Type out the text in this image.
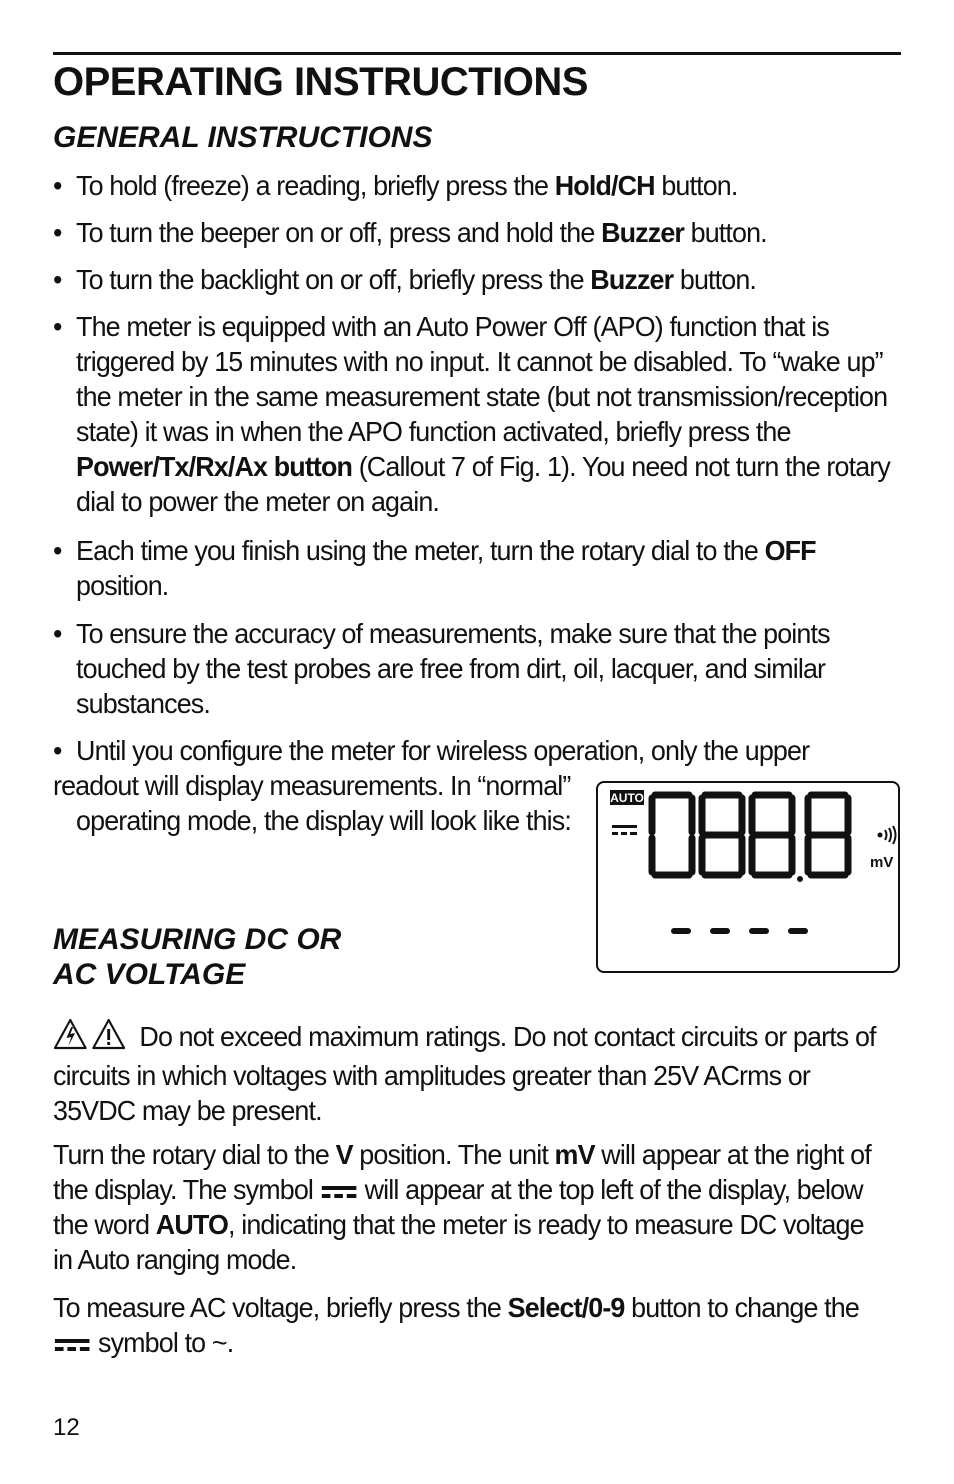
OPERATING INSTRUCTIONS
GENERAL INSTRUCTIONS

• To hold (freeze) a reading, briefly press the Hold/CH button.

• To turn the beeper on or off, press and hold the Buzzer button.

• To turn the backlight on or off, briefly press the Buzzer button.

• The meter is equipped with an Auto Power Off (APO) function that is triggered by 15 minutes with no input. It cannot be disabled. To “wake up” the meter in the same measurement state (but not transmission/reception state) it was in when the APO function activated, briefly press the Power/Tx/Rx/Ax button (Callout 7 of Fig. 1). You need not turn the rotary dial to power the meter on again.

• Each time you finish using the meter, turn the rotary dial to the OFF position.

• To ensure the accuracy of measurements, make sure that the points touched by the test probes are free from dirt, oil, lacquer, and similar substances.

• Until you configure the meter for wireless operation, only the upper
readout will display measurements. In “normal” operating mode, the display will look like this:

AUTO
mV
MEASURING DC OR
AC VOLTAGE

Do not exceed maximum ratings. Do not contact circuits or parts of circuits in which voltages with amplitudes greater than 25V ACrms or 35VDC may be present.

Turn the rotary dial to the V position. The unit mV will appear at the right of the display. The symbol  will appear at the top left of the display, below the word AUTO, indicating that the meter is ready to measure DC voltage in Auto ranging mode.

To measure AC voltage, briefly press the Select/0-9 button to change the  symbol to ~.

12
